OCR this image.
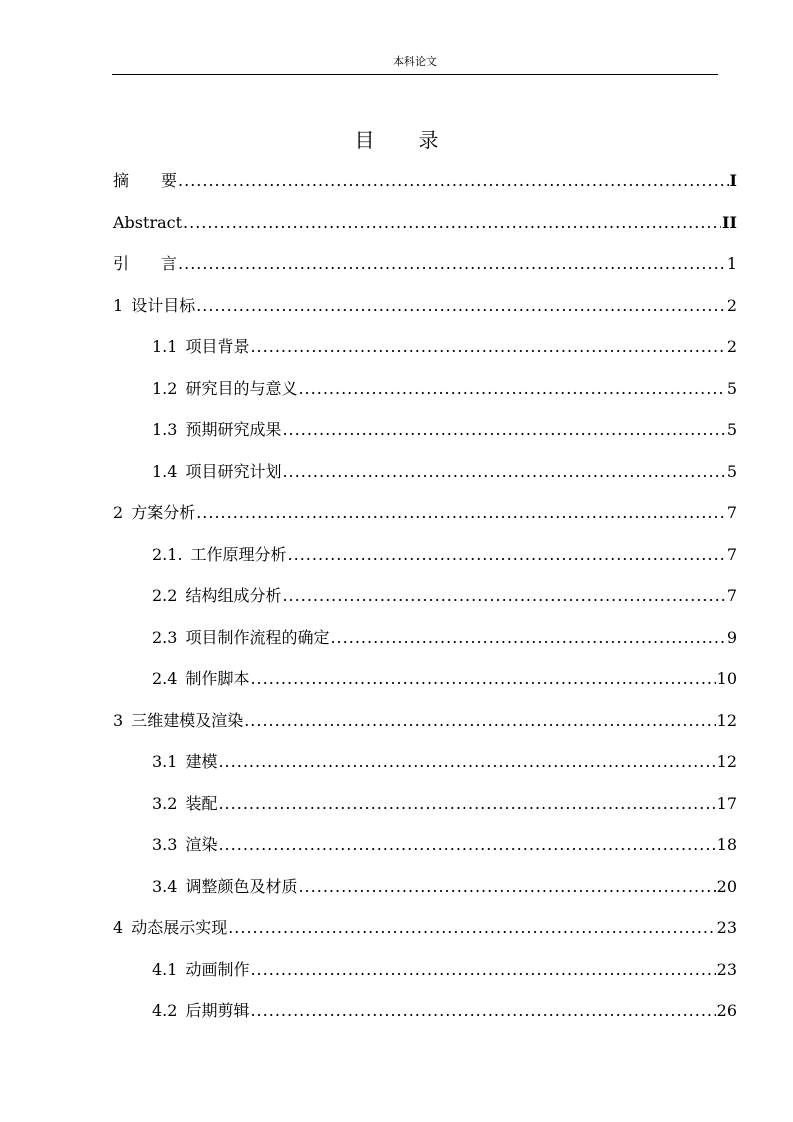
本科论文
目 录
摘　　要 .....	I
Abstract .....	II
引　　言 .....	1
1 设计目标 .....	2
1.1 项目背景 .....	2
1.2 研究目的与意义 .....	5
1.3 预期研究成果 .....	5
1.4 项目研究计划 .....	5
2 方案分析 .....	7
2.1. 工作原理分析 .....	7
2.2 结构组成分析 .....	7
2.3 项目制作流程的确定 .....	9
2.4 制作脚本 .....	10
3 三维建模及渲染 .....	12
3.1 建模 .....	12
3.2 装配 .....	17
3.3 渲染 .....	18
3.4 调整颜色及材质 .....	20
4 动态展示实现 .....	23
4.1 动画制作 .....	23
4.2 后期剪辑 .....	26
